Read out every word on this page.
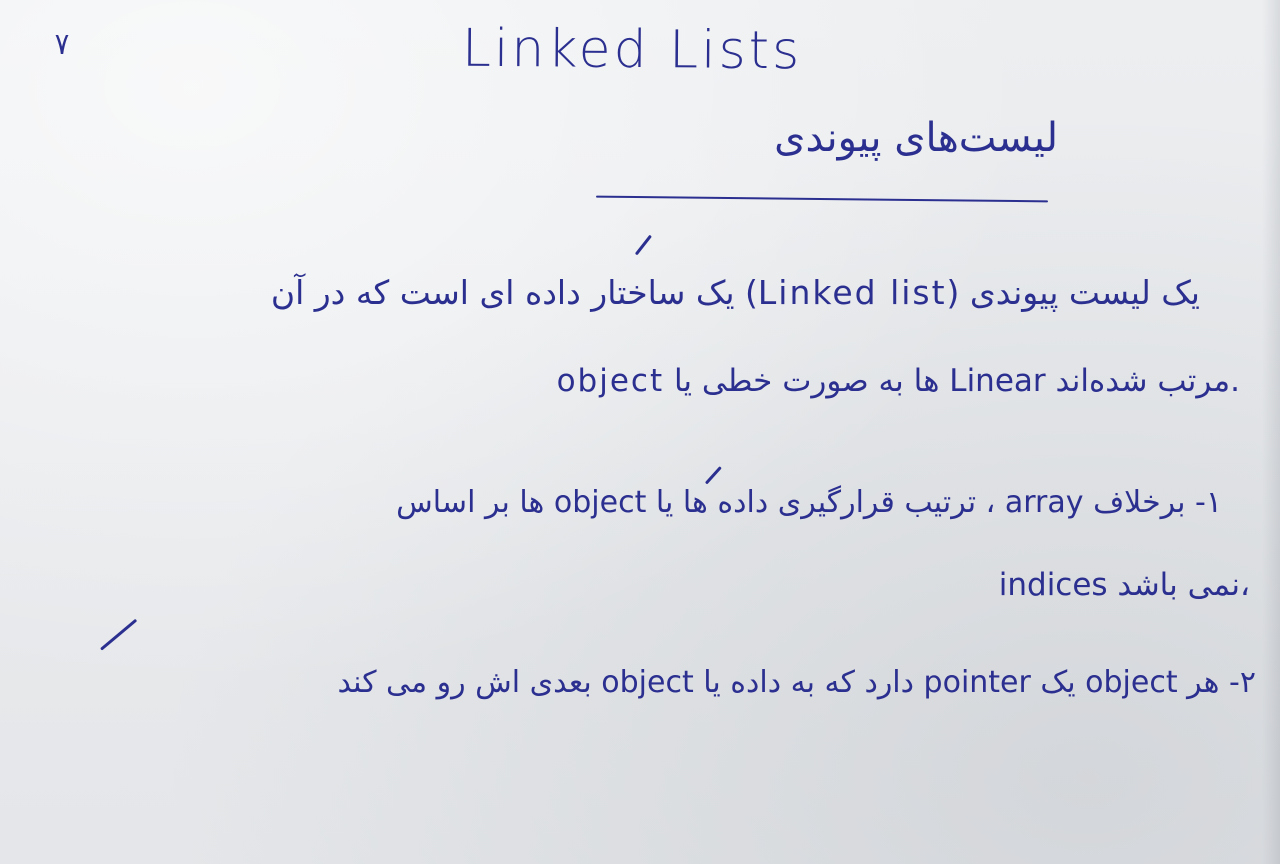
٧	Linked Lists
لیست‌های پیوندی
یک لیست پیوندی (Linked list) یک ساختار داده ای است که در آن
object ها به صورت خطی یا Linear مرتب شده‌اند.
۱- برخلاف array ، ترتیب قرارگیری داده ها یا object ها بر اساس
indices نمی باشد،
۲- هر object یک pointer دارد که به داده یا object بعدی اش رو می کند
